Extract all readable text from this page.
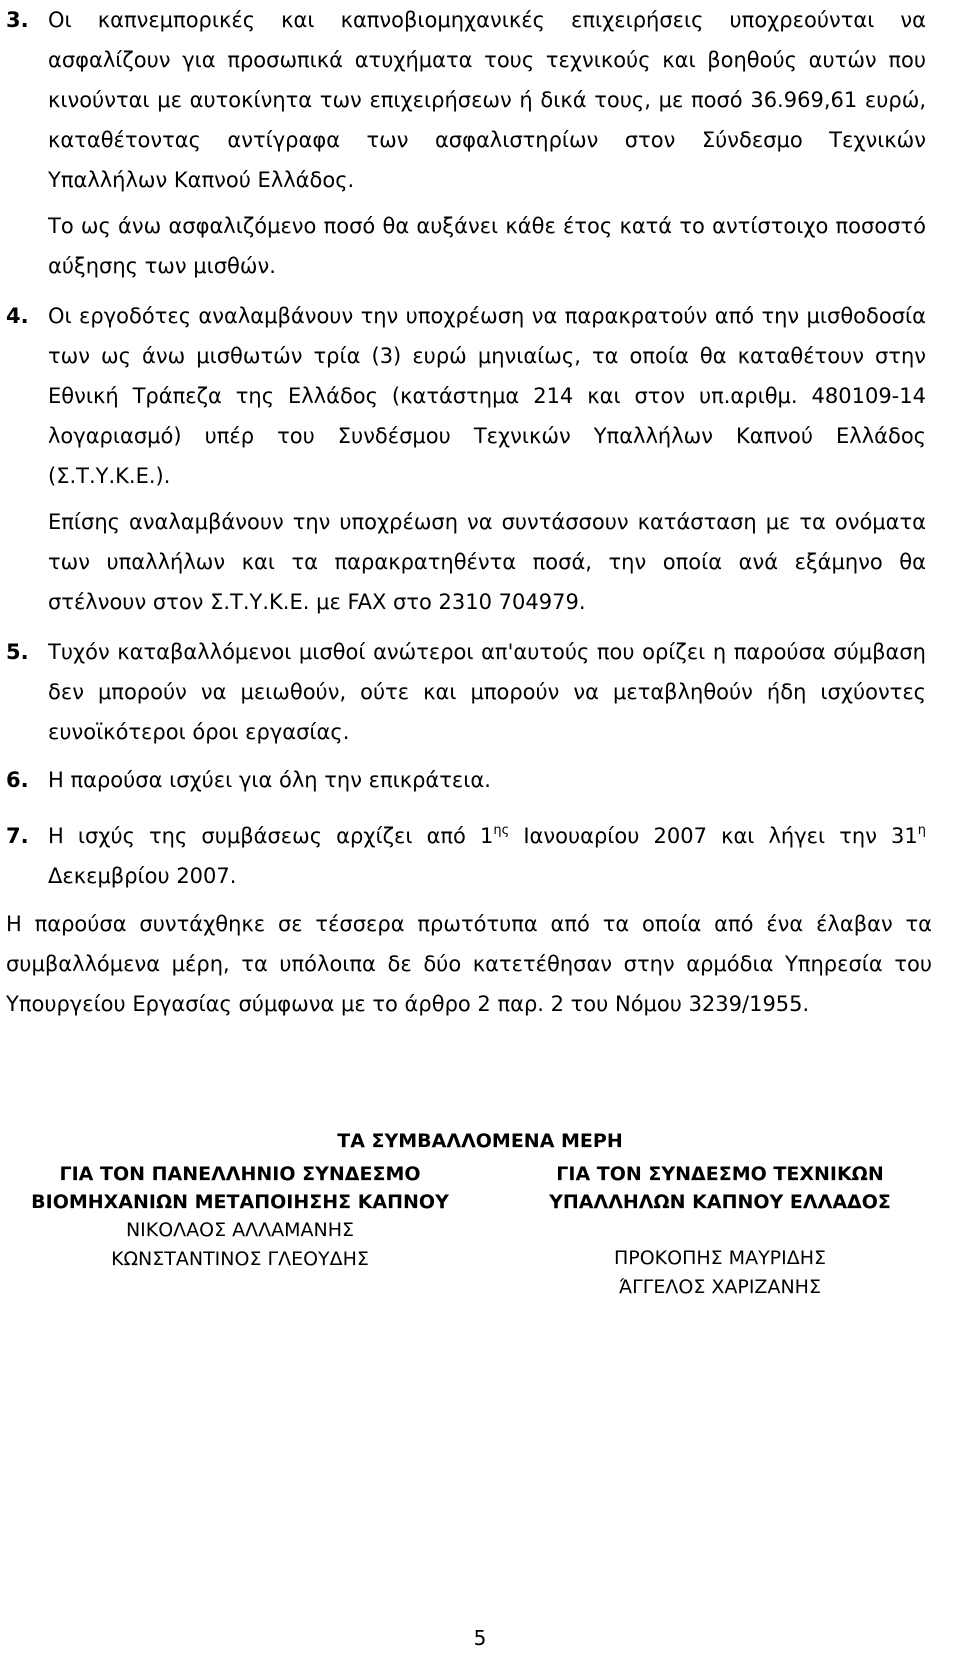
3. Οι καπνεμπορικές και καπνοβιομηχανικές επιχειρήσεις υποχρεούνται να ασφαλίζουν για προσωπικά ατυχήματα τους τεχνικούς και βοηθούς αυτών που κινούνται με αυτοκίνητα των επιχειρήσεων ή δικά τους, με ποσό 36.969,61 ευρώ, καταθέτοντας αντίγραφα των ασφαλιστηρίων στον Σύνδεσμο Τεχνικών Υπαλλήλων Καπνού Ελλάδος.
Το ως άνω ασφαλιζόμενο ποσό θα αυξάνει κάθε έτος κατά το αντίστοιχο ποσοστό αύξησης των μισθών.
4. Οι εργοδότες αναλαμβάνουν την υποχρέωση να παρακρατούν από την μισθοδοσία των ως άνω μισθωτών τρία (3) ευρώ μηνιαίως, τα οποία θα καταθέτουν στην Εθνική Τράπεζα της Ελλάδος (κατάστημα 214 και στον υπ.αριθμ. 480109-14 λογαριασμό) υπέρ του Συνδέσμου Τεχνικών Υπαλλήλων Καπνού Ελλάδος (Σ.Τ.Υ.Κ.Ε.).
Επίσης αναλαμβάνουν την υποχρέωση να συντάσσουν κατάσταση με τα ονόματα των υπαλλήλων και τα παρακρατηθέντα ποσά, την οποία ανά εξάμηνο θα στέλνουν στον Σ.Τ.Υ.Κ.Ε. με FAX στο 2310 704979.
5. Τυχόν καταβαλλόμενοι μισθοί ανώτεροι απ'αυτούς που ορίζει η παρούσα σύμβαση δεν μπορούν να μειωθούν, ούτε και μπορούν να μεταβληθούν ήδη ισχύοντες ευνοϊκότεροι όροι εργασίας.
6. Η παρούσα ισχύει για όλη την επικράτεια.
7. Η ισχύς της συμβάσεως αρχίζει από $1^{\eta\varsigma}$ Ιανουαρίου 2007 και λήγει την $31^\eta$ Δεκεμβρίου 2007.
Η παρούσα συντάχθηκε σε τέσσερα πρωτότυπα από τα οποία από ένα έλαβαν τα συμβαλλόμενα μέρη, τα υπόλοιπα δε δύο κατετέθησαν στην αρμόδια Υπηρεσία του Υπουργείου Εργασίας σύμφωνα με το άρθρο 2 παρ. 2 του Νόμου 3239/1955.
ΤΑ ΣΥΜΒΑΛΛΟΜΕΝΑ ΜΕΡΗ
ΓΙΑ ΤΟΝ ΠΑΝΕΛΛΗΝΙΟ ΣΥΝΔΕΣΜΟ ΒΙΟΜΗΧΑΝΙΩΝ ΜΕΤΑΠΟΙΗΣΗΣ ΚΑΠΝΟΥ
ΝΙΚΟΛΑΟΣ ΑΛΛΑΜΑΝΗΣ
ΚΩΝΣΤΑΝΤΙΝΟΣ ΓΛΕΟΥΔΗΣ
ΓΙΑ ΤΟΝ ΣΥΝΔΕΣΜΟ ΤΕΧΝΙΚΩΝ ΥΠΑΛΛΗΛΩΝ ΚΑΠΝΟΥ ΕΛΛΑΔΟΣ
ΠΡΟΚΟΠΗΣ ΜΑΥΡΙΔΗΣ
ΆΓΓΕΛΟΣ ΧΑΡΙΖΑΝΗΣ
5
